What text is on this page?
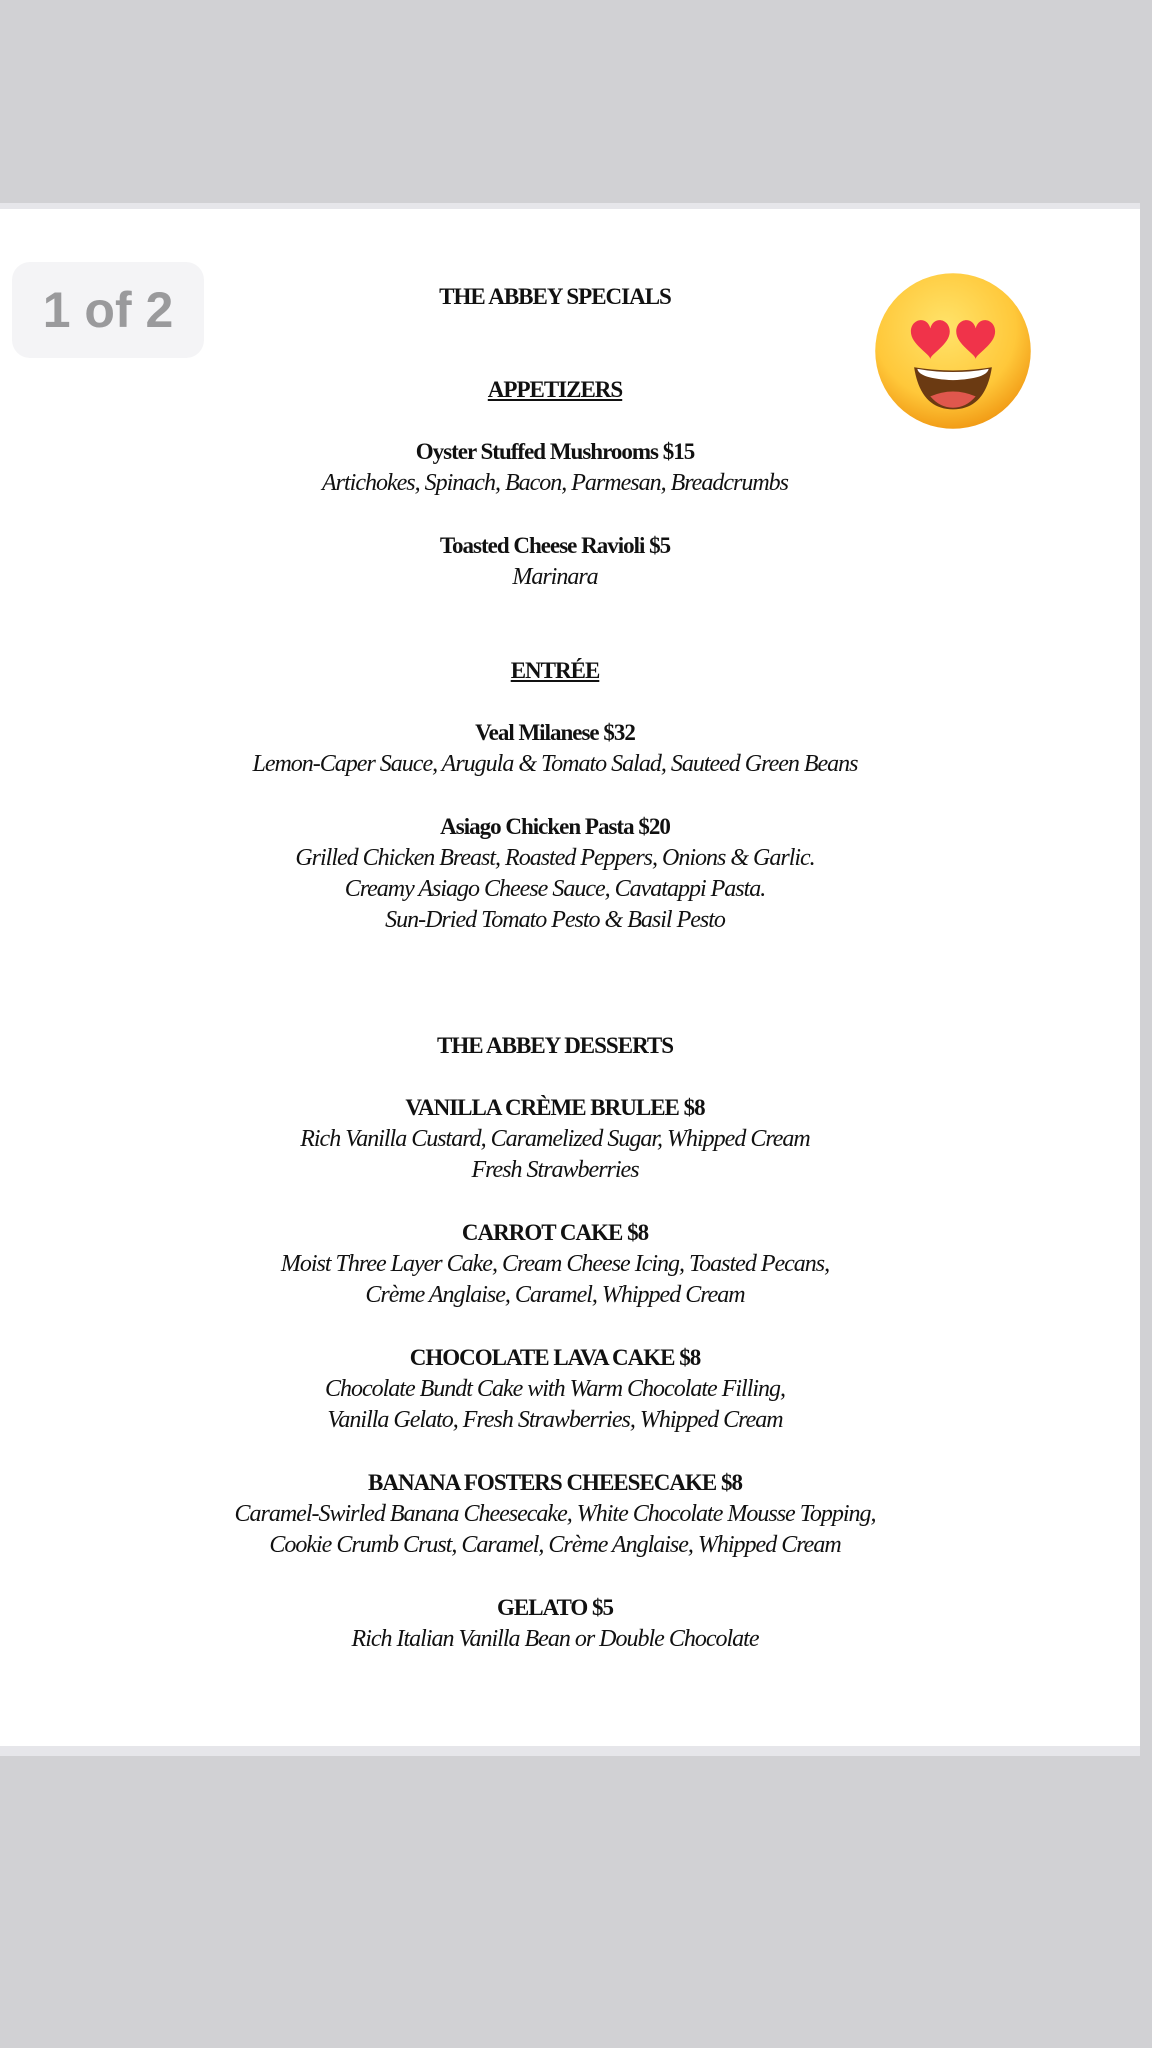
1 of 2	THE ABBEY SPECIALS
APPETIZERS
Oyster Stuffed Mushrooms $15
Artichokes, Spinach, Bacon, Parmesan, Breadcrumbs
Toasted Cheese Ravioli $5
Marinara
ENTRÉE
Veal Milanese $32
Lemon-Caper Sauce, Arugula & Tomato Salad, Sauteed Green Beans
Asiago Chicken Pasta $20
Grilled Chicken Breast, Roasted Peppers, Onions & Garlic.
Creamy Asiago Cheese Sauce, Cavatappi Pasta.
Sun-Dried Tomato Pesto & Basil Pesto
THE ABBEY DESSERTS
VANILLA CRÈME BRULEE $8
Rich Vanilla Custard, Caramelized Sugar, Whipped Cream
Fresh Strawberries
CARROT CAKE $8
Moist Three Layer Cake, Cream Cheese Icing, Toasted Pecans,
Crème Anglaise, Caramel, Whipped Cream
CHOCOLATE LAVA CAKE $8
Chocolate Bundt Cake with Warm Chocolate Filling,
Vanilla Gelato, Fresh Strawberries, Whipped Cream
BANANA FOSTERS CHEESECAKE $8
Caramel-Swirled Banana Cheesecake, White Chocolate Mousse Topping,
Cookie Crumb Crust, Caramel, Crème Anglaise, Whipped Cream
GELATO $5
Rich Italian Vanilla Bean or Double Chocolate
